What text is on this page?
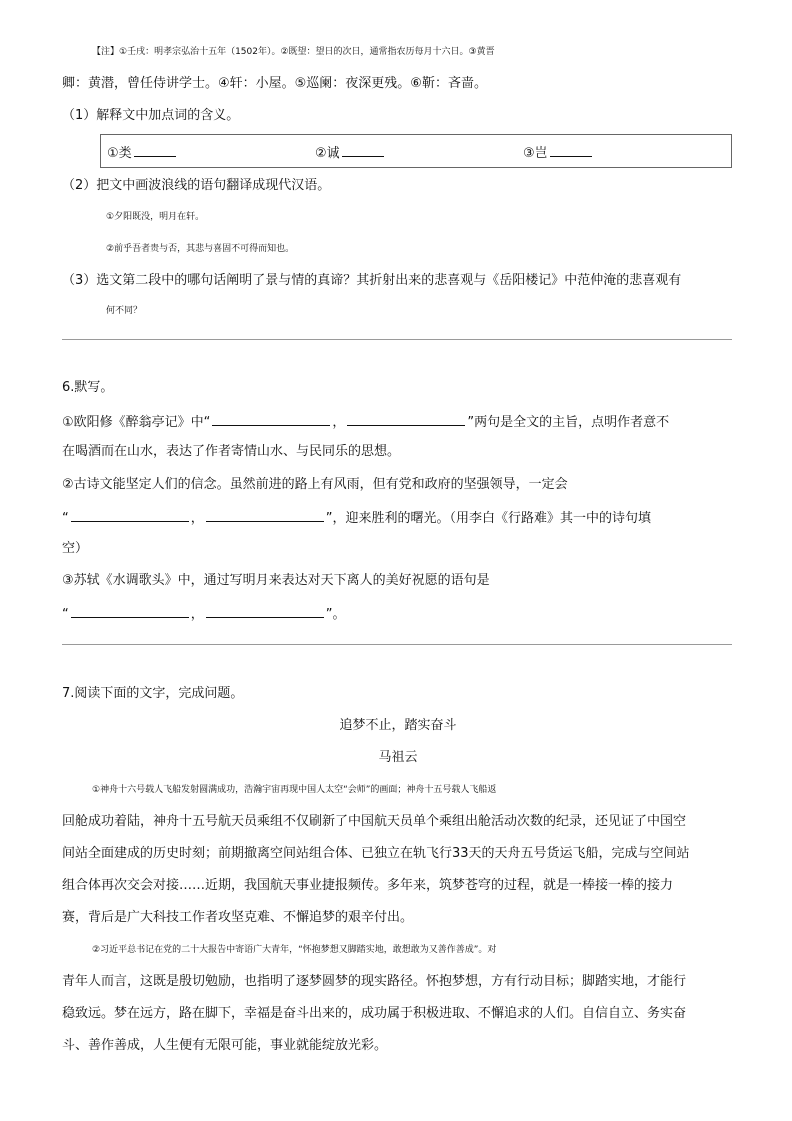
【注】①壬戌：明孝宗弘治十五年（1502年）。②既望：望日的次日，通常指农历每月十六日。③黄晋
卿：黄潜，曾任侍讲学士。④轩：小屋。⑤巡阑：夜深更残。⑥靳：吝啬。
（1）解释文中加点词的含义。
①类	②诚	③岂
（2）把文中画波浪线的语句翻译成现代汉语。
①夕阳既没，明月在轩。
②前乎吾者贵与否，其悲与喜固不可得而知也。
（3）选文第二段中的哪句话阐明了景与情的真谛？其折射出来的悲喜观与《岳阳楼记》中范仲淹的悲喜观有
何不同？
6.默写。
①欧阳修《醉翁亭记》中“	，	”两句是全文的主旨，点明作者意不
在喝酒而在山水，表达了作者寄情山水、与民同乐的思想。
②古诗文能坚定人们的信念。虽然前进的路上有风雨，但有党和政府的坚强领导，一定会
“	，	”，迎来胜利的曙光。（用李白《行路难》其一中的诗句填
空）
③苏轼《水调歌头》中，通过写明月来表达对天下离人的美好祝愿的语句是
“	，	”。
7.阅读下面的文字，完成问题。
追梦不止，踏实奋斗
马祖云
①神舟十六号载人飞船发射圆满成功，浩瀚宇宙再现中国人太空“会师”的画面；神舟十五号载人飞船返
回舱成功着陆，神舟十五号航天员乘组不仅刷新了中国航天员单个乘组出舱活动次数的纪录，还见证了中国空
间站全面建成的历史时刻；前期撤离空间站组合体、已独立在轨飞行33天的天舟五号货运飞船，完成与空间站
组合体再次交会对接……近期，我国航天事业捷报频传。多年来，筑梦苍穹的过程，就是一棒接一棒的接力
赛，背后是广大科技工作者攻坚克难、不懈追梦的艰辛付出。
②习近平总书记在党的二十大报告中寄语广大青年，“怀抱梦想又脚踏实地，敢想敢为又善作善成”。对
青年人而言，这既是殷切勉励，也指明了逐梦圆梦的现实路径。怀抱梦想，方有行动目标；脚踏实地，才能行
稳致远。梦在远方，路在脚下，幸福是奋斗出来的，成功属于积极进取、不懈追求的人们。自信自立、务实奋
斗、善作善成，人生便有无限可能，事业就能绽放光彩。
